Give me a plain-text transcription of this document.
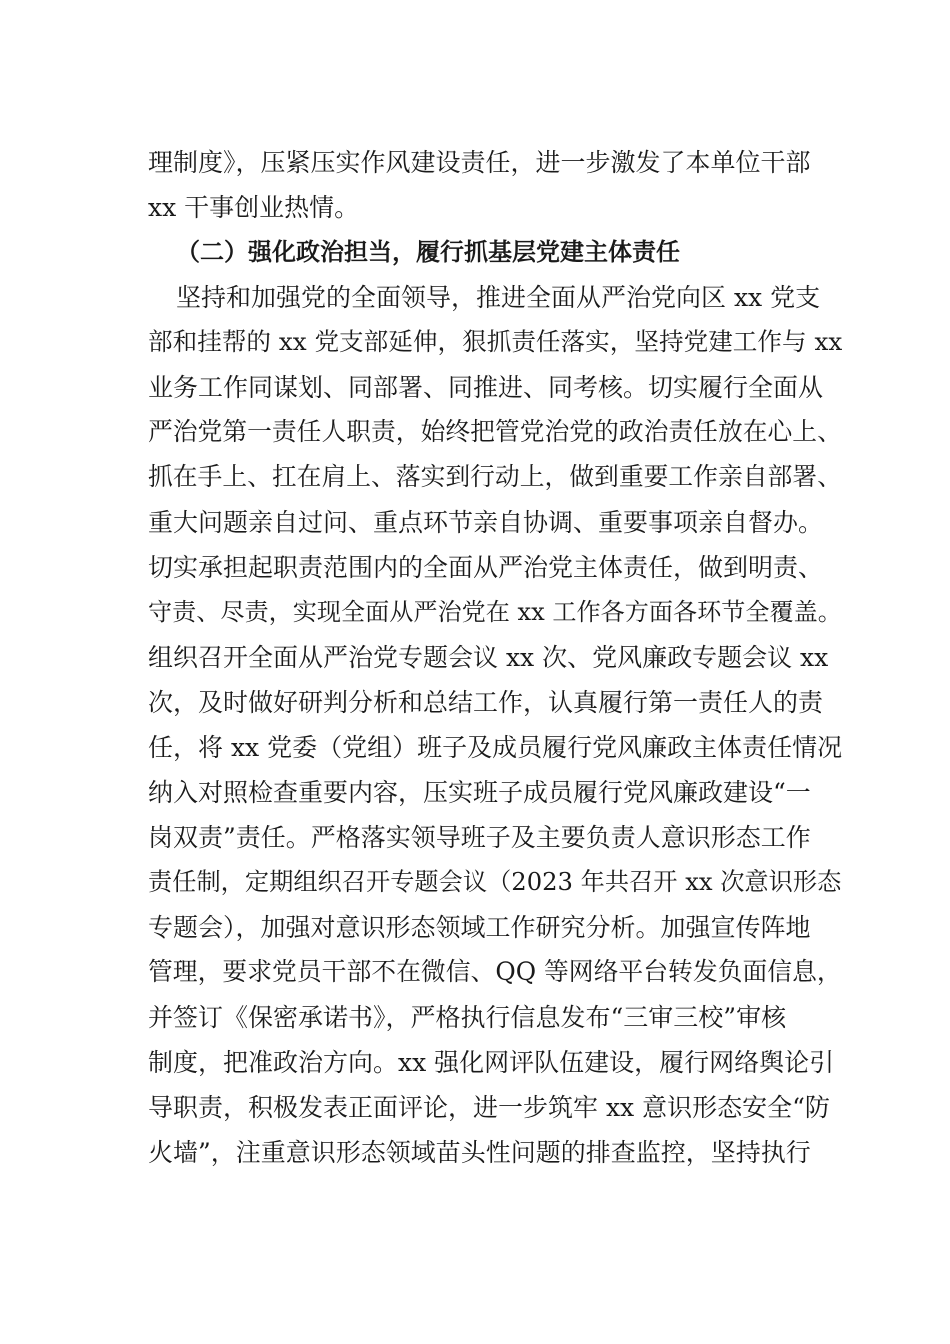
理制度》，压紧压实作风建设责任，进一步激发了本单位干部
xx 干事创业热情。
（二）强化政治担当，履行抓基层党建主体责任
坚持和加强党的全面领导，推进全面从严治党向区 xx 党支
部和挂帮的 xx 党支部延伸，狠抓责任落实，坚持党建工作与 xx
业务工作同谋划、同部署、同推进、同考核。切实履行全面从
严治党第一责任人职责，始终把管党治党的政治责任放在心上、
抓在手上、扛在肩上、落实到行动上，做到重要工作亲自部署、
重大问题亲自过问、重点环节亲自协调、重要事项亲自督办。
切实承担起职责范围内的全面从严治党主体责任，做到明责、
守责、尽责，实现全面从严治党在 xx 工作各方面各环节全覆盖。
组织召开全面从严治党专题会议 xx 次、党风廉政专题会议 xx
次，及时做好研判分析和总结工作，认真履行第一责任人的责
任，将 xx 党委（党组）班子及成员履行党风廉政主体责任情况
纳入对照检查重要内容，压实班子成员履行党风廉政建设“一
岗双责”责任。严格落实领导班子及主要负责人意识形态工作
责任制，定期组织召开专题会议（2023 年共召开 xx 次意识形态
专题会），加强对意识形态领域工作研究分析。加强宣传阵地
管理，要求党员干部不在微信、QQ 等网络平台转发负面信息，
并签订《保密承诺书》，严格执行信息发布“三审三校”审核
制度，把准政治方向。xx 强化网评队伍建设，履行网络舆论引
导职责，积极发表正面评论，进一步筑牢 xx 意识形态安全“防
火墙”，注重意识形态领域苗头性问题的排查监控，坚持执行
